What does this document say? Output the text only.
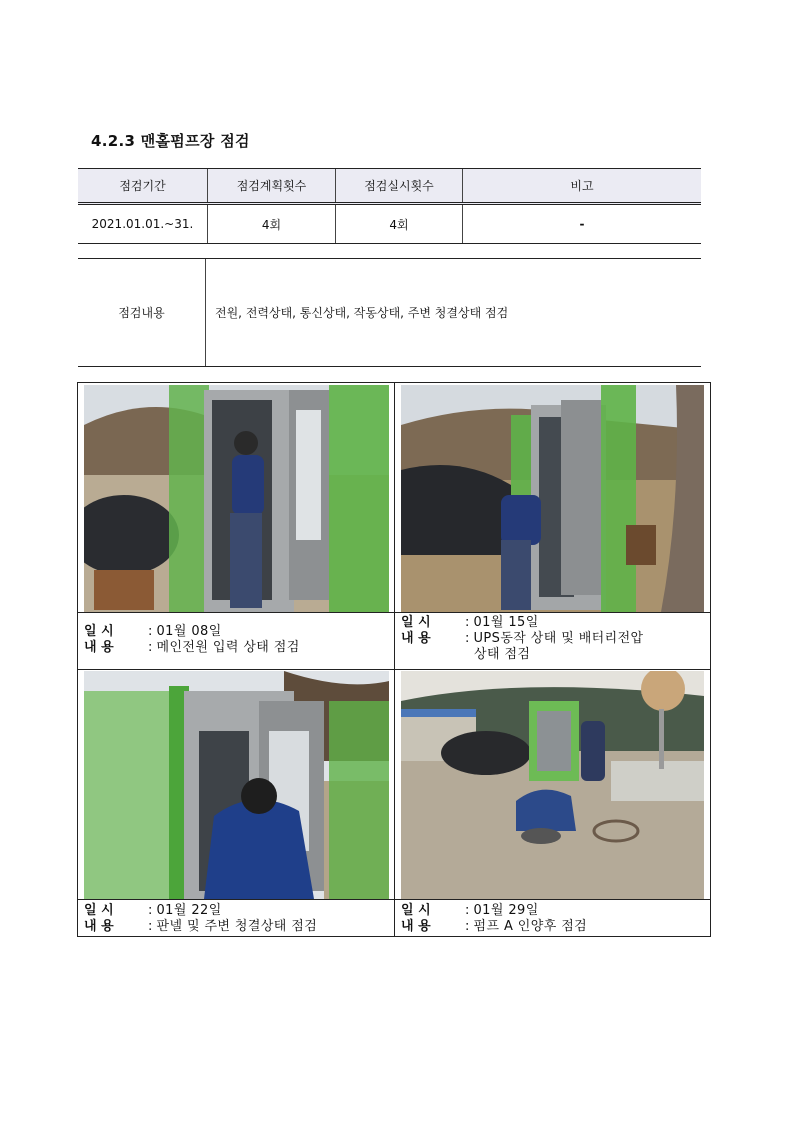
4.2.3 맨홀펌프장 점검
점검기간	점검계획횟수	점검실시횟수	비고
2021.01.01.~31.	4회	4회	-
점검내용	전원, 전력상태, 통신상태, 작동상태, 주변 청결상태 점검
일 시	: 01월 08일
내 용	: 메인전원 입력 상태 점검
일 시	: 01월 15일
내 용	: UPS동작 상태 및 배터리전압
상태 점검
일 시	: 01월 22일
내 용	: 판넬 및 주변 청결상태 점검
일 시	: 01월 29일
내 용	: 펌프 A 인양후 점검
